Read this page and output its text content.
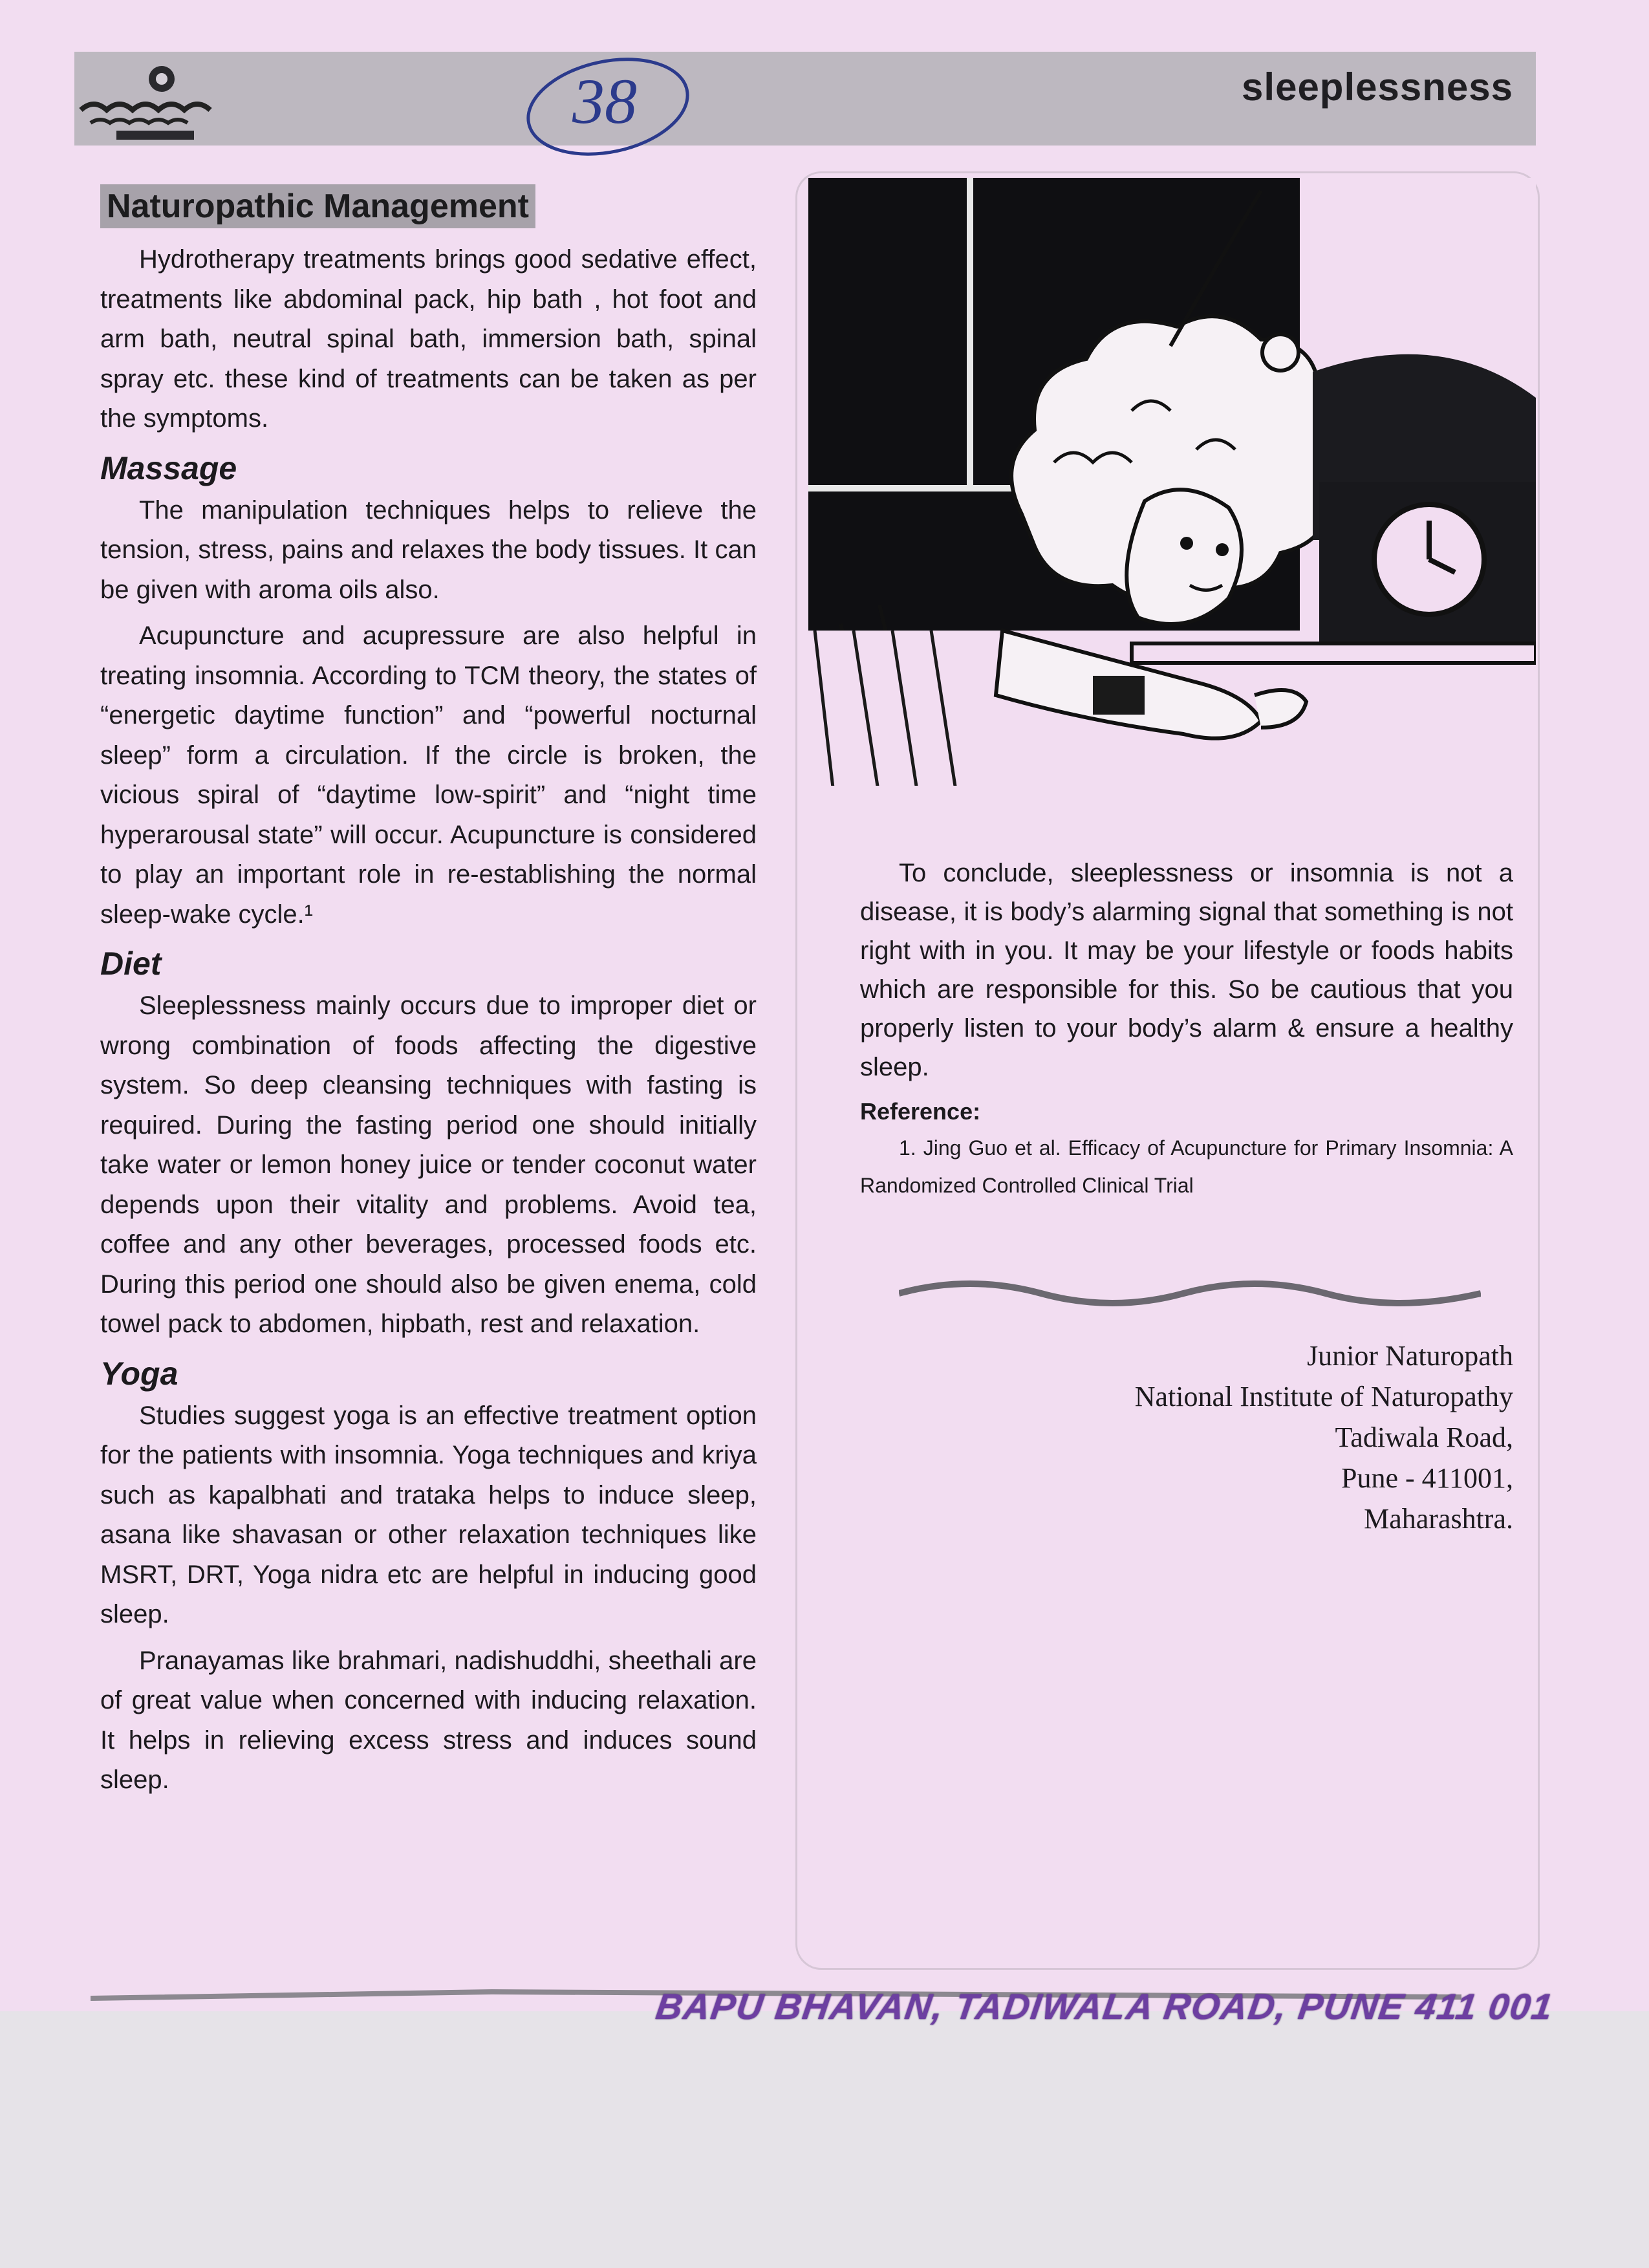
sleeplessness
38
Naturopathic Management

Hydrotherapy treatments brings good sedative effect, treatments like abdominal pack, hip bath , hot foot and arm bath, neutral spinal bath, immersion bath, spinal spray etc. these kind of treatments can be taken as per the symptoms.

Massage

The manipulation techniques helps to relieve the tension, stress, pains and relaxes the body tissues. It can be given with aroma oils also.

Acupuncture and acupressure are also helpful in treating insomnia. According to TCM theory, the states of “energetic daytime function” and “powerful nocturnal sleep” form a circulation. If the circle is broken, the vicious spiral of “daytime low-spirit” and “night time hyperarousal state” will occur. Acupuncture is considered to play an important role in re-establishing the normal sleep-wake cycle.¹

Diet

Sleeplessness mainly occurs due to improper diet or wrong combination of foods affecting the digestive system. So deep cleansing techniques with fasting is required. During the fasting period one should initially take water or lemon honey juice or tender coconut water depends upon their vitality and problems. Avoid tea, coffee and any other beverages, processed foods etc. During this period one should also be given enema, cold towel pack to abdomen, hipbath, rest and relaxation.

Yoga

Studies suggest yoga is an effective treatment option for the patients with insomnia. Yoga techniques and kriya such as kapalbhati and trataka helps to induce sleep, asana like shavasan or other relaxation techniques like MSRT, DRT, Yoga nidra etc are helpful in inducing good sleep.

Pranayamas like brahmari, nadishuddhi, sheethali are of great value when concerned with inducing relaxation. It helps in relieving excess stress and induces sound sleep.

To conclude, sleeplessness or insomnia is not a disease, it is body’s alarming signal that something is not right with in you. It may be your lifestyle or foods habits which are responsible for this. So be cautious that you properly listen to your body’s alarm & ensure a healthy sleep.

Reference:
1. Jing Guo et al. Efficacy of Acupuncture for Primary Insomnia: A Randomized Controlled Clinical Trial
Junior Naturopath
National Institute of Naturopathy
Tadiwala Road,
Pune - 411001,
Maharashtra.
BAPU BHAVAN, TADIWALA ROAD, PUNE 411 001
